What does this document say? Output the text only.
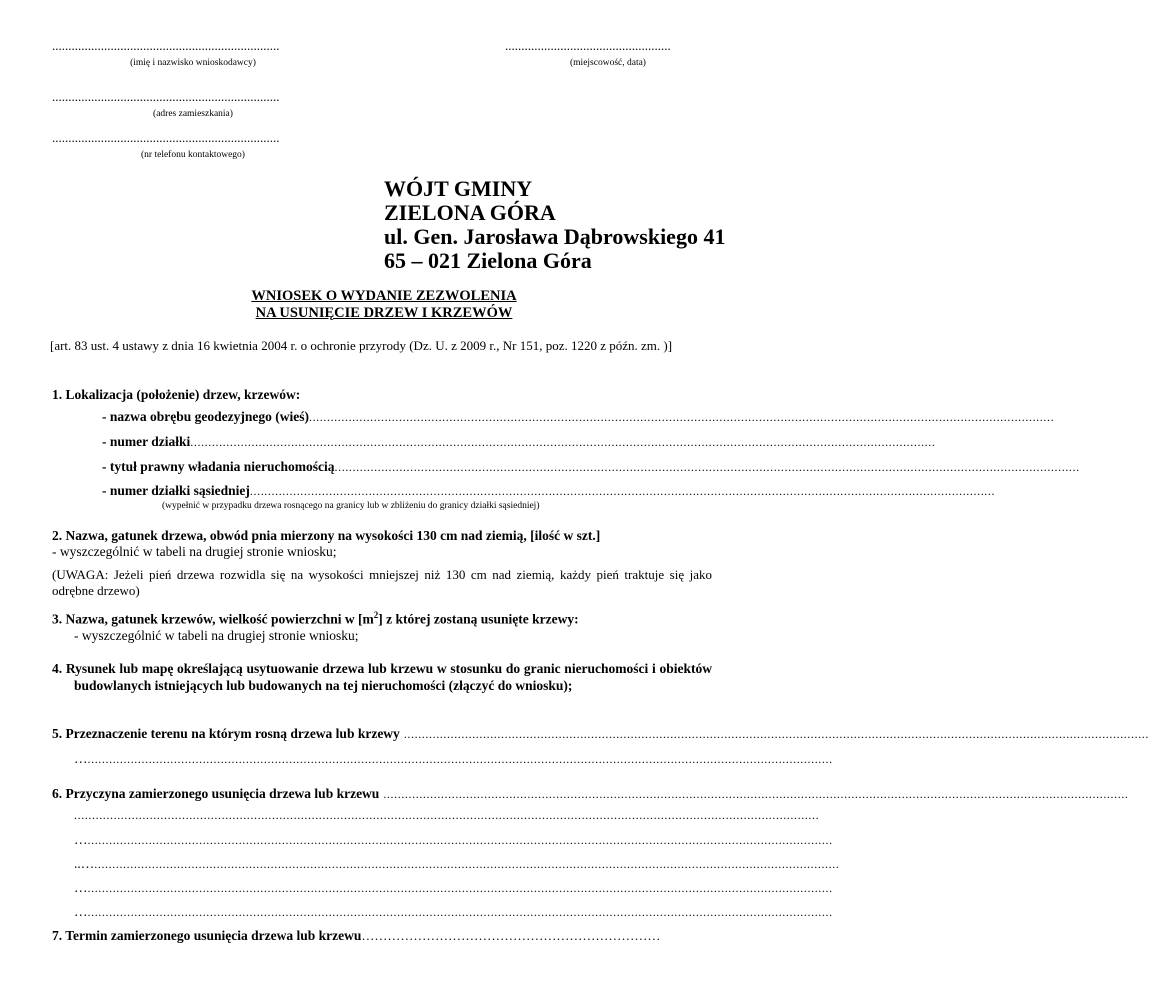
......................................................................
(imię i nazwisko wnioskodawcy)
...................................................
(miejscowość, data)
......................................................................
(adres zamieszkania)
......................................................................
(nr telefonu kontaktowego)
WÓJT GMINY
ZIELONA GÓRA
ul. Gen. Jarosława Dąbrowskiego 41
65 – 021 Zielona Góra
WNIOSEK O WYDANIE ZEZWOLENIA
NA USUNIĘCIE DRZEW I KRZEWÓW
[art. 83 ust. 4 ustawy z dnia 16 kwietnia 2004 r. o ochronie przyrody (Dz. U. z 2009 r., Nr 151, poz. 1220 z późn. zm. )]
1. Lokalizacja (położenie) drzew, krzewów:
- nazwa obrębu geodezyjnego (wieś) ...............................................................................................................................................................................................................
- numer działki ...............................................................................................................................................................................................................
- tytuł prawny władania nieruchomością ...............................................................................................................................................................................................................
- numer działki sąsiedniej ...............................................................................................................................................................................................................
(wypełnić w przypadku drzewa rosnącego na granicy lub w zbliżeniu do granicy działki sąsiedniej)
2. Nazwa, gatunek drzewa, obwód pnia mierzony na wysokości 130 cm nad ziemią, [ilość w szt.]
- wyszczególnić w tabeli na drugiej stronie wniosku;
(UWAGA: Jeżeli pień drzewa rozwidla się na wysokości mniejszej niż 130 cm nad ziemią, każdy pień traktuje się jako odrębne drzewo)
3. Nazwa, gatunek krzewów, wielkość powierzchni w $[m^2]$ z której zostaną usunięte krzewy:
- wyszczególnić w tabeli na drugiej stronie wniosku;
4. Rysunek lub mapę określającą usytuowanie drzewa lub krzewu w stosunku do granic nieruchomości i obiektów budowlanych istniejących lub budowanych na tej nieruchomości (złączyć do wniosku);
5. Przeznaczenie terenu na którym rosną drzewa lub krzewy ...............................................................................................................................................................................................................
… ...............................................................................................................................................................................................................
6. Przyczyna zamierzonego usunięcia drzewa lub krzewu ...............................................................................................................................................................................................................
...............................................................................................................................................................................................................
… ...............................................................................................................................................................................................................
..… ...............................................................................................................................................................................................................
… ...............................................................................................................................................................................................................
… ...............................................................................................................................................................................................................
7. Termin zamierzonego usunięcia drzewa lub krzewu ……………………………………………………………
